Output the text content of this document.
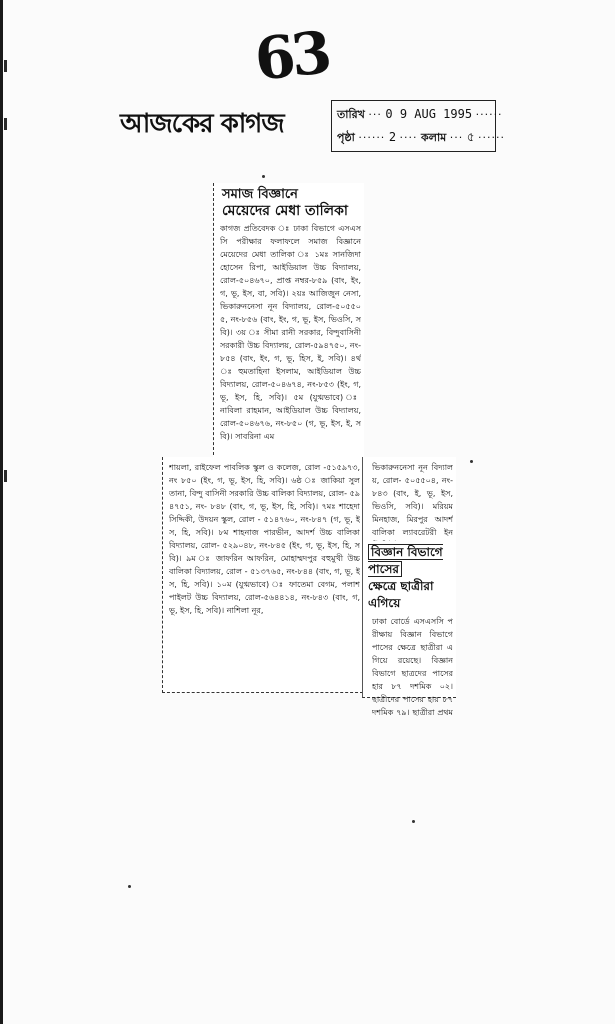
63
আজকের কাগজ	তারিখ ··· 0 9 AUG 1995 ······
পৃষ্ঠা ······ 2 ···· কলাম ··· ৫ ······
সমাজ বিজ্ঞানে
মেয়েদের মেধা তালিকা
কাগজ প্রতিবেদক ঃ ঢাকা বিভাগে এসএসসি পরীক্ষার ফলাফলে সমাজ বিজ্ঞানে মেয়েদের মেধা তালিকা ঃ ১মঃ সানজিদা হোসেন রিপা, আইডিয়াল উচ্চ বিদ্যালয়, রোল-৫০৪৬৭০, প্রাপ্ত নম্বর-৮৫৯ (বাং, ইং, গ, ভূ, ইস, বা, সবি)। ২য়ঃ আজিজুন নেসা, ভিকারুননেসা নূন বিদ্যালয়, রোল-৫০৫৫০৫, নং-৮৫৬ (বাং, ইং, গ, ভূ, ইস, ভিওসি, সবি)। ৩য় ঃ সীমা রানী সরকার, বিন্দুবাসিনী সরকারী উচ্চ বিদ্যালয়, রোল-৫৯৪৭৫০, নং- ৮৫৪ (বাং, ইং, গ, ভূ, হিস, ই, সবি)। ৪র্থ ঃ হুমতাহিনা ইসলাম, আইডিয়াল উচ্চ বিদ্যালয়, রোল-৫০৪৬৭৪, নং-৮৫৩ (ইং, গ, ভূ, ইস, হি, সবি)। ৫ম (যুগ্মভাবে) ঃ নাবিলা রাহমান, আইডিয়াল উচ্চ বিদ্যালয়, রোল-৫০৪৬৭৬, নং-৮৫০ (গ, ভূ, ইস, ই, সবি)। সাবরিনা এম
শায়লা, রাইফেল পাবলিক স্কুল ও কলেজ, রোল -৫১৫৯৭৩, নং ৮৫০ (ইং, গ, ভূ, ইস, হি, সবি)। ৬ষ্ঠ ঃ জাকিয়া সুলতানা, বিন্দু বাসিনী সরকারি উচ্চ বালিকা বিদ্যালয়, রোল- ৫৯৪৭৫১, নং- ৮৪৮ (বাং, গ, ভূ, ইস, হি, সবি)। ৭মঃ শাহেদা সিদ্দিকী, উদয়ন স্কুল, রোল - ৫১৪৭৬০, নং-৮৪৭ (গ, ভূ, ইস, হি, সবি)। ৮ম শাহনাজ পারভীন, আদর্শ উচ্চ বালিকা বিদ্যালয়, রোল- ৫২৯০৪৮, নং-৮৪৫ (ইং, গ, ভূ, ইস, হি, সবি)। ৯ম ঃ জাফরিন আফরিন, মোহাম্মদপুর বহুমুখী উচ্চ বালিকা বিদ্যালয়, রোল - ৫১৩৭৬৫, নং-৮৪৪ (বাং, গ, ভূ, ইস, হি, সবি)। ১০ম (যুগ্মভাবে) ঃ ফাতেমা বেগম, পলাশ পাইলট উচ্চ বিদ্যালয়, রোল-৫৬৪৪১৪, নং-৮৪৩ (বাং, গ, ভূ, ইস, হি, সবি)। নাশিলা নূর,
ভিকারুননেসা নূন বিদ্যালয়, রোল- ৫০৫৫০৪, নং-৮৪৩ (বাং, ই, ভূ, ইস, ভিওসি, সবি)। মরিয়ম মিনহাজ, মিরপুর আদর্শ বালিকা ল্যাবরেটরী ইন
বিজ্ঞান বিভাগে পাসের
ক্ষেত্রে ছাত্রীরা এগিয়ে
ঢাকা বোর্ডে এসএসসি পরীক্ষায় বিজ্ঞান বিভাগে পাসের ক্ষেত্রে ছাত্রীরা এগিয়ে রয়েছে। বিজ্ঞান বিভাগে ছাত্রদের পাসের হার ৮৭ দশমিক ০২। ছাত্রীদের পাসের হার ৮৭ দশমিক ৭৯। ছাত্রীরা প্রথম
